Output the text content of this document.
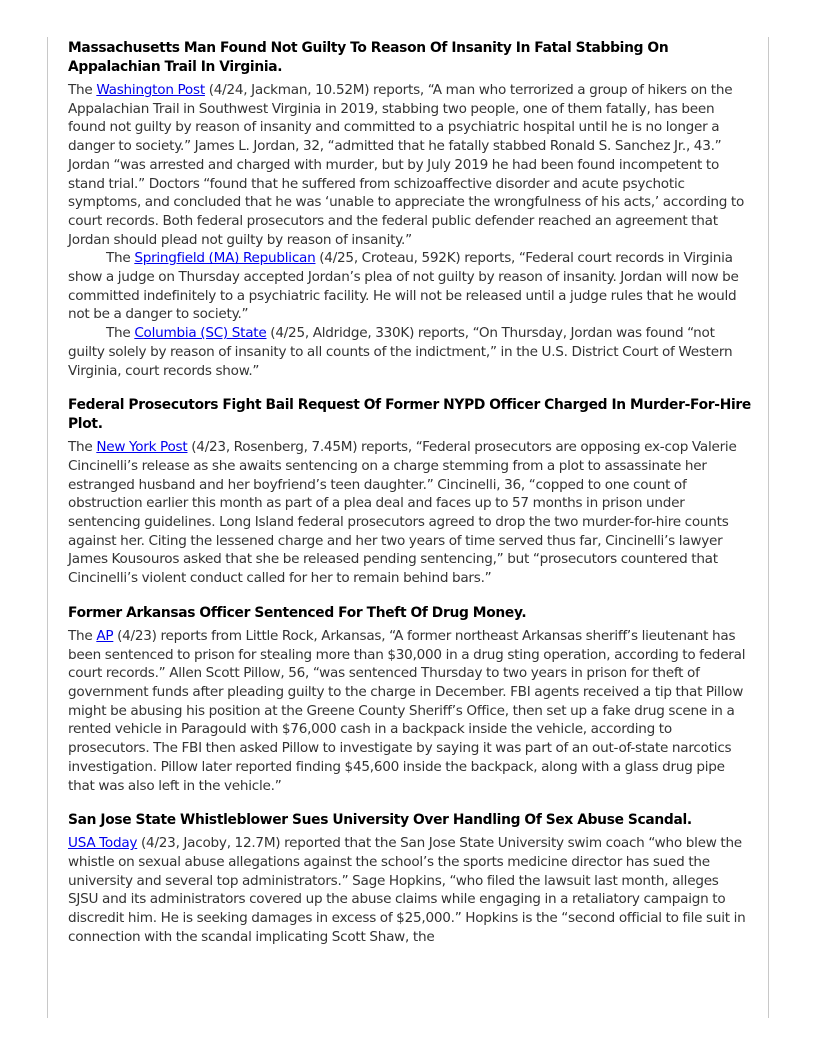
Massachusetts Man Found Not Guilty To Reason Of Insanity In Fatal Stabbing On Appalachian Trail In Virginia.

The Washington Post (4/24, Jackman, 10.52M) reports, “A man who terrorized a group of hikers on the Appalachian Trail in Southwest Virginia in 2019, stabbing two people, one of them fatally, has been found not guilty by reason of insanity and committed to a psychiatric hospital until he is no longer a danger to society.” James L. Jordan, 32, “admitted that he fatally stabbed Ronald S. Sanchez Jr., 43.” Jordan “was arrested and charged with murder, but by July 2019 he had been found incompetent to stand trial.” Doctors “found that he suffered from schizoaffective disorder and acute psychotic symptoms, and concluded that he was ‘unable to appreciate the wrongfulness of his acts,’ according to court records. Both federal prosecutors and the federal public defender reached an agreement that Jordan should plead not guilty by reason of insanity.”

The Springfield (MA) Republican (4/25, Croteau, 592K) reports, “Federal court records in Virginia show a judge on Thursday accepted Jordan’s plea of not guilty by reason of insanity. Jordan will now be committed indefinitely to a psychiatric facility. He will not be released until a judge rules that he would not be a danger to society.”

The Columbia (SC) State (4/25, Aldridge, 330K) reports, “On Thursday, Jordan was found “not guilty solely by reason of insanity to all counts of the indictment,” in the U.S. District Court of Western Virginia, court records show.”

Federal Prosecutors Fight Bail Request Of Former NYPD Officer Charged In Murder-For-Hire Plot.

The New York Post (4/23, Rosenberg, 7.45M) reports, “Federal prosecutors are opposing ex-cop Valerie Cincinelli’s release as she awaits sentencing on a charge stemming from a plot to assassinate her estranged husband and her boyfriend’s teen daughter.” Cincinelli, 36, “copped to one count of obstruction earlier this month as part of a plea deal and faces up to 57 months in prison under sentencing guidelines. Long Island federal prosecutors agreed to drop the two murder-for-hire counts against her. Citing the lessened charge and her two years of time served thus far, Cincinelli’s lawyer James Kousouros asked that she be released pending sentencing,” but “prosecutors countered that Cincinelli’s violent conduct called for her to remain behind bars.”

Former Arkansas Officer Sentenced For Theft Of Drug Money.

The AP (4/23) reports from Little Rock, Arkansas, “A former northeast Arkansas sheriff’s lieutenant has been sentenced to prison for stealing more than $30,000 in a drug sting operation, according to federal court records.” Allen Scott Pillow, 56, “was sentenced Thursday to two years in prison for theft of government funds after pleading guilty to the charge in December. FBI agents received a tip that Pillow might be abusing his position at the Greene County Sheriff’s Office, then set up a fake drug scene in a rented vehicle in Paragould with $76,000 cash in a backpack inside the vehicle, according to prosecutors. The FBI then asked Pillow to investigate by saying it was part of an out-of-state narcotics investigation. Pillow later reported finding $45,600 inside the backpack, along with a glass drug pipe that was also left in the vehicle.”

San Jose State Whistleblower Sues University Over Handling Of Sex Abuse Scandal.

USA Today (4/23, Jacoby, 12.7M) reported that the San Jose State University swim coach “who blew the whistle on sexual abuse allegations against the school’s the sports medicine director has sued the university and several top administrators.” Sage Hopkins, “who filed the lawsuit last month, alleges SJSU and its administrators covered up the abuse claims while engaging in a retaliatory campaign to discredit him. He is seeking damages in excess of $25,000.” Hopkins is the “second official to file suit in connection with the scandal implicating Scott Shaw, the
